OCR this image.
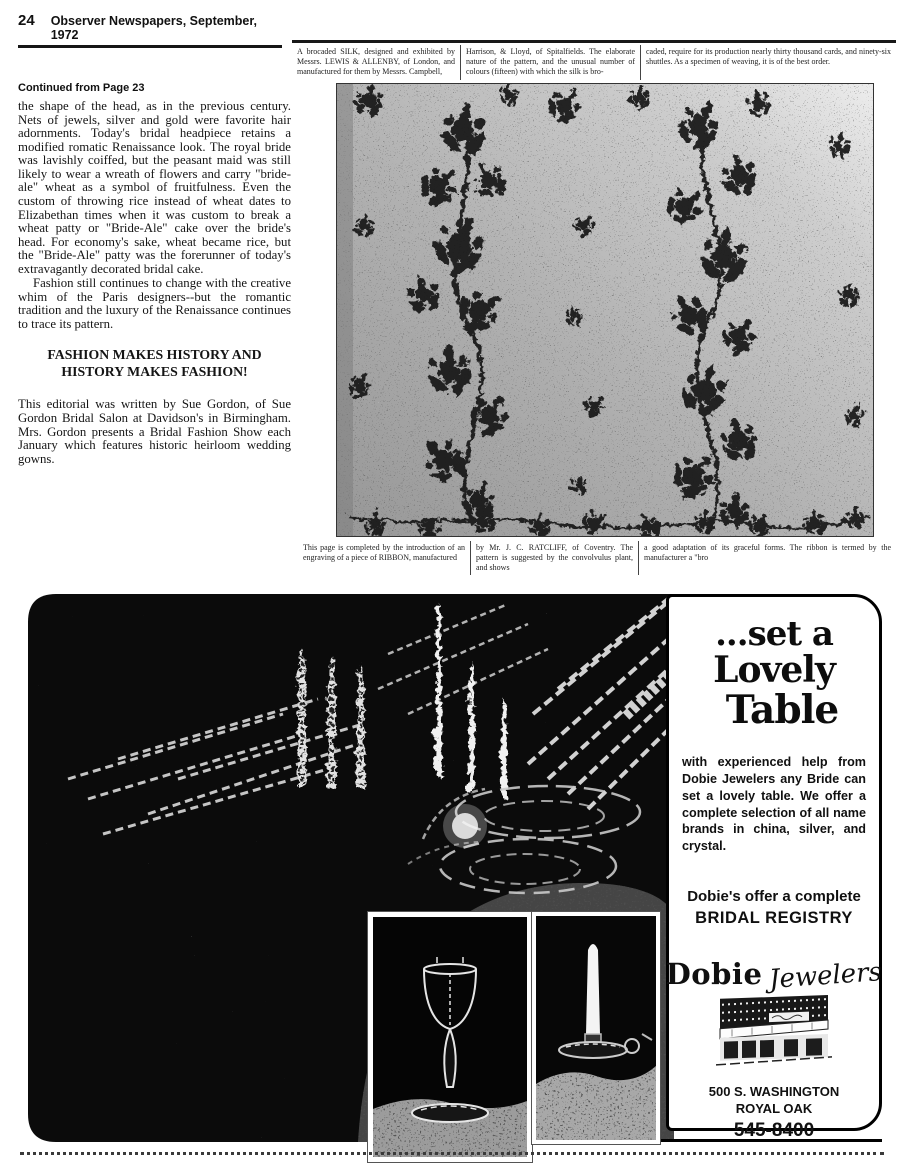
24 Observer Newspapers, September, 1972
Continued from Page 23

the shape of the head, as in the previous century. Nets of jewels, silver and gold were favorite hair adornments. Today's bridal headpiece retains a modified romatic Renaissance look. The royal bride was lavishly coiffed, but the peasant maid was still likely to wear a wreath of flowers and carry "bride-ale" wheat as a symbol of fruitfulness. Even the custom of throwing rice instead of wheat dates to Elizabethan times when it was custom to break a wheat patty or "Bride-Ale" cake over the bride's head. For economy's sake, wheat became rice, but the "Bride-Ale" patty was the forerunner of today's extravagantly decorated bridal cake.

Fashion still continues to change with the creative whim of the Paris designers--but the romantic tradition and the luxury of the Renaissance continues to trace its pattern.

FASHION MAKES HISTORY AND HISTORY MAKES FASHION!

This editorial was written by Sue Gordon, of Sue Gordon Bridal Salon at Davidson's in Birmingham. Mrs. Gordon presents a Bridal Fashion Show each January which features historic heirloom wedding gowns.

A brocaded SILK, designed and exhibited by Messrs. LEWIS & ALLENBY, of London, and manufactured for them by Messrs. Campbell,
Harrison, & Lloyd, of Spitalfields. The elaborate nature of the pattern, and the unusual number of colours (fifteen) with which the silk is bro-
caded, require for its production nearly thirty thousand cards, and ninety-six shuttles. As a specimen of weaving, it is of the best order.
This page is completed by the introduction of an engraving of a piece of RIBBON, manufactured
by Mr. J. C. RATCLIFF, of Coventry. The pattern is suggested by the convolvulus plant, and shows
a good adaptation of its graceful forms. The ribbon is termed by the manufacturer a "bro
...set a
Lovely
Table

with experienced help from Dobie Jewelers any Bride can set a lovely table. We offer a complete selection of all name brands in china, silver, and crystal.

Dobie's offer a complete
BRIDAL REGISTRY
Dobie Jewelers
500 S. WASHINGTON
ROYAL OAK
545-8400
